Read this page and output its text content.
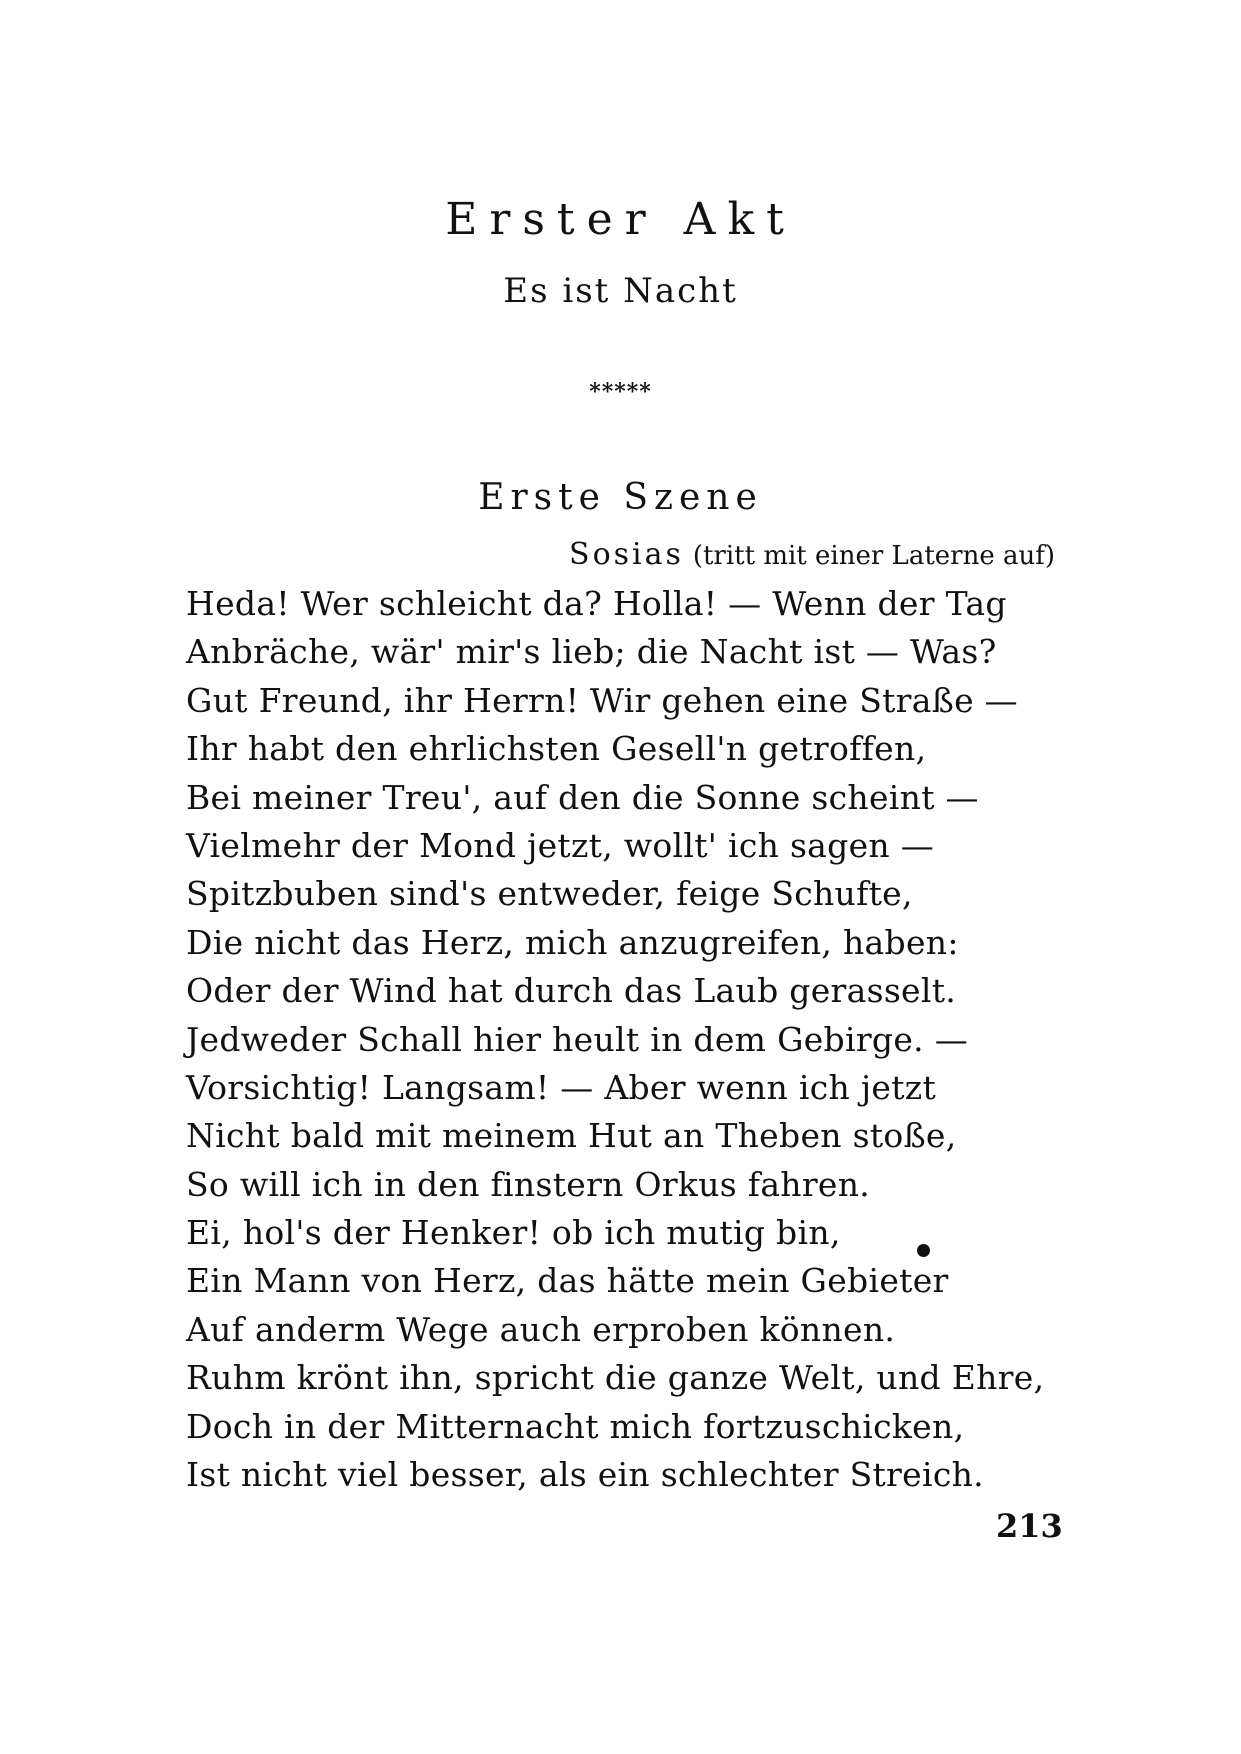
Erster Akt
Es ist Nacht
*****
Erste Szene
Sosias (tritt mit einer Laterne auf)
Heda! Wer schleicht da? Holla! — Wenn der Tag
Anbräche, wär' mir's lieb; die Nacht ist — Was?
Gut Freund, ihr Herrn! Wir gehen eine Straße —
Ihr habt den ehrlichsten Gesell'n getroffen,
Bei meiner Treu', auf den die Sonne scheint —
Vielmehr der Mond jetzt, wollt' ich sagen —
Spitzbuben sind's entweder, feige Schufte,
Die nicht das Herz, mich anzugreifen, haben:
Oder der Wind hat durch das Laub gerasselt.
Jedweder Schall hier heult in dem Gebirge. —
Vorsichtig! Langsam! — Aber wenn ich jetzt
Nicht bald mit meinem Hut an Theben stoße,
So will ich in den finstern Orkus fahren.
Ei, hol's der Henker! ob ich mutig bin,
Ein Mann von Herz, das hätte mein Gebieter
Auf anderm Wege auch erproben können.
Ruhm krönt ihn, spricht die ganze Welt, und Ehre,
Doch in der Mitternacht mich fortzuschicken,
Ist nicht viel besser, als ein schlechter Streich.
213
